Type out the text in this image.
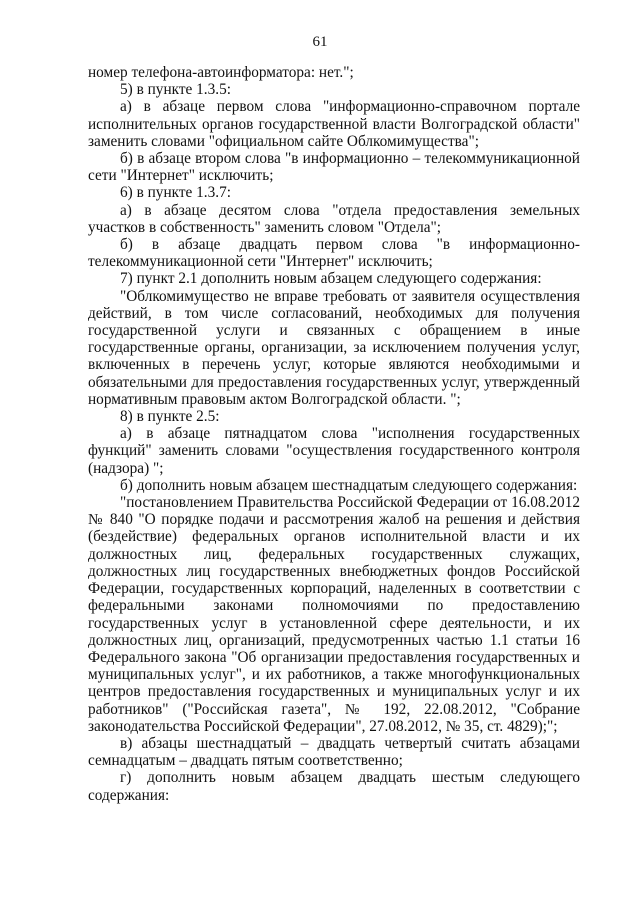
61

номер телефона-автоинформатора: нет.";

5) в пункте 1.3.5:

а) в абзаце первом слова "информационно-справочном портале исполнительных органов государственной власти Волгоградской области" заменить словами "официальном сайте Облкомимущества";

б) в абзаце втором слова "в информационно – телекоммуникационной сети "Интернет" исключить;

6) в пункте 1.3.7:

а) в абзаце десятом слова "отдела предоставления земельных участков в собственность" заменить словом "Отдела";

б) в абзаце двадцать первом слова "в информационно-телекоммуникационной сети "Интернет" исключить;

7) пункт 2.1 дополнить новым абзацем следующего содержания:

"Облкомимущество не вправе требовать от заявителя осуществления действий, в том числе согласований, необходимых для получения государственной услуги и связанных с обращением в иные государственные органы, организации, за исключением получения услуг, включенных в перечень услуг, которые являются необходимыми и обязательными для предоставления государственных услуг, утвержденный нормативным правовым актом Волгоградской области. ";

8) в пункте 2.5:

а) в абзаце пятнадцатом слова "исполнения государственных функций" заменить словами "осуществления государственного контроля (надзора) ";

б) дополнить новым абзацем шестнадцатым следующего содержания:

"постановлением Правительства Российской Федерации от 16.08.2012 № 840 "О порядке подачи и рассмотрения жалоб на решения и действия (бездействие) федеральных органов исполнительной власти и их должностных лиц, федеральных государственных служащих, должностных лиц государственных внебюджетных фондов Российской Федерации, государственных корпораций, наделенных в соответствии с федеральными законами полномочиями по предоставлению государственных услуг в установленной сфере деятельности, и их должностных лиц, организаций, предусмотренных частью 1.1 статьи 16 Федерального закона "Об организации предоставления государственных и муниципальных услуг", и их работников, а также многофункциональных центров предоставления государственных и муниципальных услуг и их работников" ("Российская газета", № 192, 22.08.2012, "Собрание законодательства Российской Федерации", 27.08.2012, № 35, ст. 4829);";

в) абзацы шестнадцатый – двадцать четвертый считать абзацами семнадцатым – двадцать пятым соответственно;

г) дополнить новым абзацем двадцать шестым следующего содержания:
